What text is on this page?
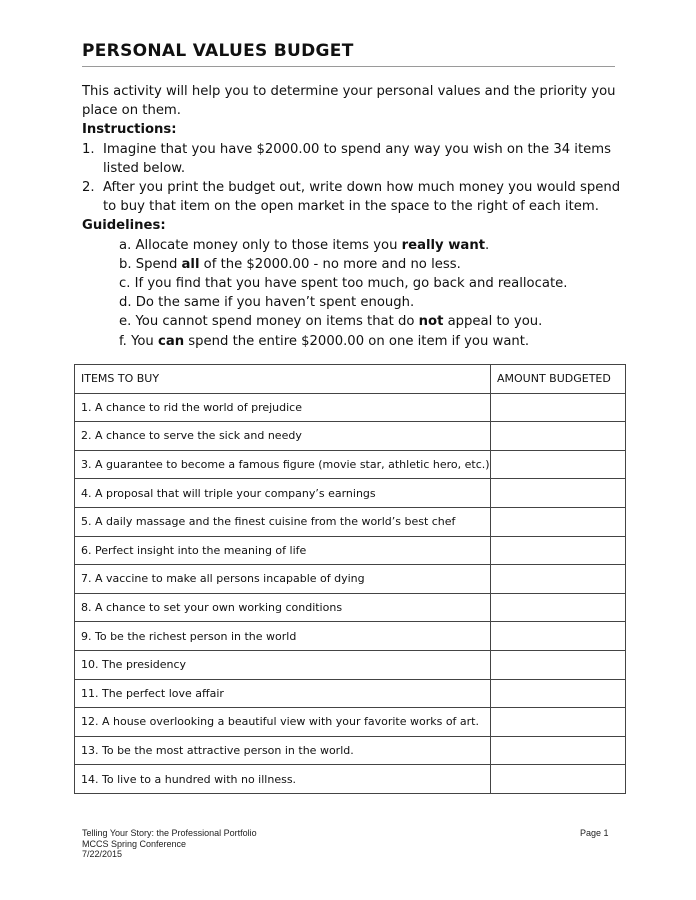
PERSONAL VALUES BUDGET

This activity will help you to determine your personal values and the priority you place on them.

Instructions:

1. Imagine that you have $2000.00 to spend any way you wish on the 34 items listed below.

2. After you print the budget out, write down how much money you would spend to buy that item on the open market in the space to the right of each item.

Guidelines:

a. Allocate money only to those items you really want.

b. Spend all of the $2000.00 - no more and no less.

c. If you find that you have spent too much, go back and reallocate.

d. Do the same if you haven’t spent enough.

e. You cannot spend money on items that do not appeal to you.

f. You can spend the entire $2000.00 on one item if you want.

ITEMS TO BUY	AMOUNT BUDGETED
1. A chance to rid the world of prejudice	
2. A chance to serve the sick and needy	
3. A guarantee to become a famous figure (movie star, athletic hero, etc.)	
4. A proposal that will triple your company’s earnings	
5. A daily massage and the finest cuisine from the world’s best chef	
6. Perfect insight into the meaning of life	
7. A vaccine to make all persons incapable of dying	
8. A chance to set your own working conditions	
9. To be the richest person in the world	
10. The presidency	
11. The perfect love affair	
12. A house overlooking a beautiful view with your favorite works of art.	
13. To be the most attractive person in the world.	
14. To live to a hundred with no illness.	
Telling Your Story: the Professional Portfolio
MCCS Spring Conference
7/22/2015
Page 1
